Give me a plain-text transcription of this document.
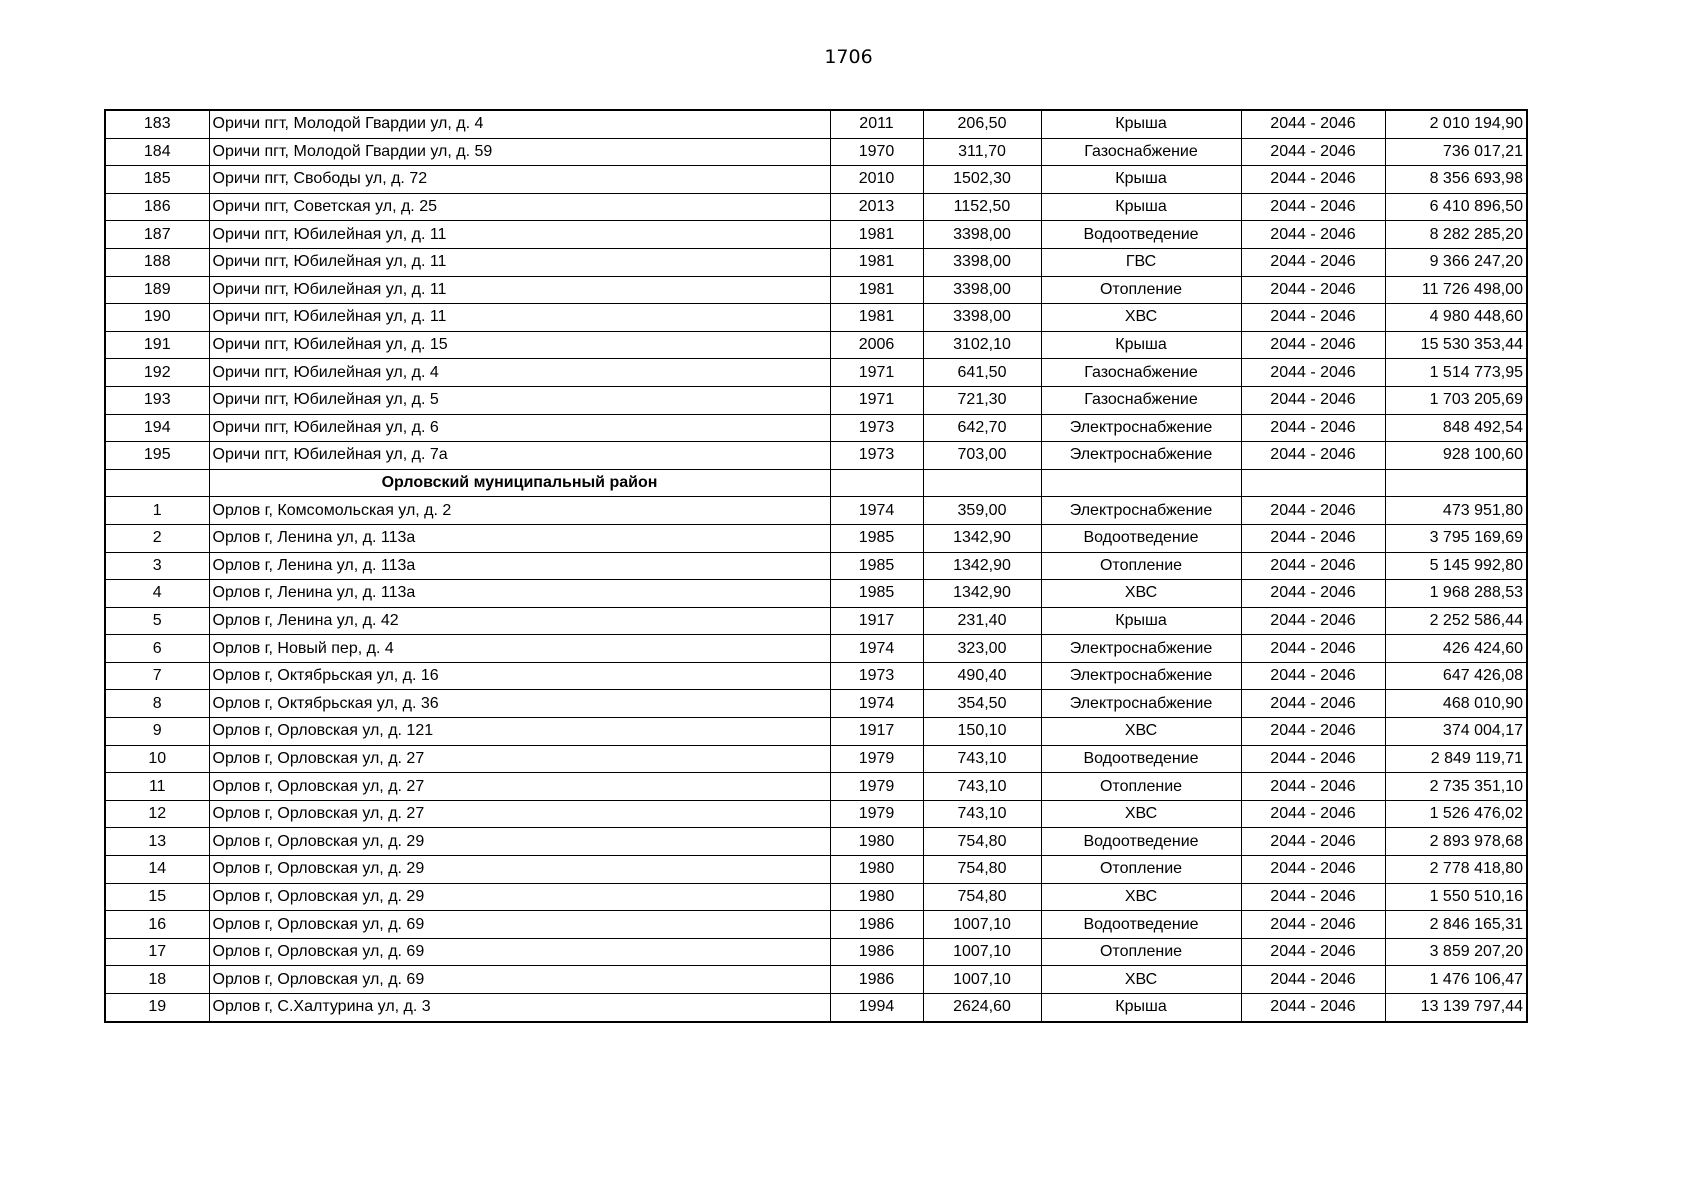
1706
183	Оричи пгт, Молодой Гвардии ул, д. 4	2011	206,50	Крыша	2044 - 2046	2 010 194,90
184	Оричи пгт, Молодой Гвардии ул, д. 59	1970	311,70	Газоснабжение	2044 - 2046	736 017,21
185	Оричи пгт, Свободы ул, д. 72	2010	1502,30	Крыша	2044 - 2046	8 356 693,98
186	Оричи пгт, Советская ул, д. 25	2013	1152,50	Крыша	2044 - 2046	6 410 896,50
187	Оричи пгт, Юбилейная ул, д. 11	1981	3398,00	Водоотведение	2044 - 2046	8 282 285,20
188	Оричи пгт, Юбилейная ул, д. 11	1981	3398,00	ГВС	2044 - 2046	9 366 247,20
189	Оричи пгт, Юбилейная ул, д. 11	1981	3398,00	Отопление	2044 - 2046	11 726 498,00
190	Оричи пгт, Юбилейная ул, д. 11	1981	3398,00	ХВС	2044 - 2046	4 980 448,60
191	Оричи пгт, Юбилейная ул, д. 15	2006	3102,10	Крыша	2044 - 2046	15 530 353,44
192	Оричи пгт, Юбилейная ул, д. 4	1971	641,50	Газоснабжение	2044 - 2046	1 514 773,95
193	Оричи пгт, Юбилейная ул, д. 5	1971	721,30	Газоснабжение	2044 - 2046	1 703 205,69
194	Оричи пгт, Юбилейная ул, д. 6	1973	642,70	Электроснабжение	2044 - 2046	848 492,54
195	Оричи пгт, Юбилейная ул, д. 7а	1973	703,00	Электроснабжение	2044 - 2046	928 100,60
	Орловский муниципальный район					
1	Орлов г, Комсомольская ул, д. 2	1974	359,00	Электроснабжение	2044 - 2046	473 951,80
2	Орлов г, Ленина ул, д. 113а	1985	1342,90	Водоотведение	2044 - 2046	3 795 169,69
3	Орлов г, Ленина ул, д. 113а	1985	1342,90	Отопление	2044 - 2046	5 145 992,80
4	Орлов г, Ленина ул, д. 113а	1985	1342,90	ХВС	2044 - 2046	1 968 288,53
5	Орлов г, Ленина ул, д. 42	1917	231,40	Крыша	2044 - 2046	2 252 586,44
6	Орлов г, Новый пер, д. 4	1974	323,00	Электроснабжение	2044 - 2046	426 424,60
7	Орлов г, Октябрьская ул, д. 16	1973	490,40	Электроснабжение	2044 - 2046	647 426,08
8	Орлов г, Октябрьская ул, д. 36	1974	354,50	Электроснабжение	2044 - 2046	468 010,90
9	Орлов г, Орловская ул, д. 121	1917	150,10	ХВС	2044 - 2046	374 004,17
10	Орлов г, Орловская ул, д. 27	1979	743,10	Водоотведение	2044 - 2046	2 849 119,71
11	Орлов г, Орловская ул, д. 27	1979	743,10	Отопление	2044 - 2046	2 735 351,10
12	Орлов г, Орловская ул, д. 27	1979	743,10	ХВС	2044 - 2046	1 526 476,02
13	Орлов г, Орловская ул, д. 29	1980	754,80	Водоотведение	2044 - 2046	2 893 978,68
14	Орлов г, Орловская ул, д. 29	1980	754,80	Отопление	2044 - 2046	2 778 418,80
15	Орлов г, Орловская ул, д. 29	1980	754,80	ХВС	2044 - 2046	1 550 510,16
16	Орлов г, Орловская ул, д. 69	1986	1007,10	Водоотведение	2044 - 2046	2 846 165,31
17	Орлов г, Орловская ул, д. 69	1986	1007,10	Отопление	2044 - 2046	3 859 207,20
18	Орлов г, Орловская ул, д. 69	1986	1007,10	ХВС	2044 - 2046	1 476 106,47
19	Орлов г, С.Халтурина ул, д. 3	1994	2624,60	Крыша	2044 - 2046	13 139 797,44
